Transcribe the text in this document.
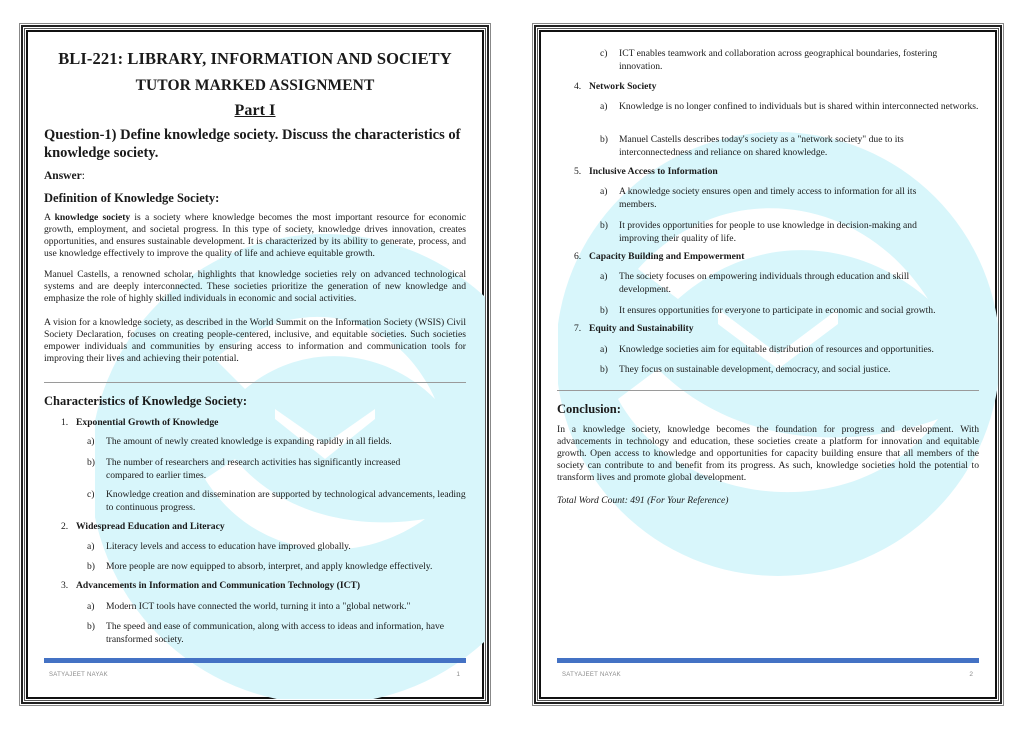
BLI-221: LIBRARY, INFORMATION AND SOCIETY
TUTOR MARKED ASSIGNMENT
Part I
Question-1) Define knowledge society. Discuss the characteristics of knowledge society.
Answer:
Definition of Knowledge Society:
A knowledge society is a society where knowledge becomes the most important resource for economic growth, employment, and societal progress. In this type of society, knowledge drives innovation, creates opportunities, and ensures sustainable development. It is characterized by its ability to generate, process, and use knowledge effectively to improve the quality of life and achieve equitable growth.
Manuel Castells, a renowned scholar, highlights that knowledge societies rely on advanced technological systems and are deeply interconnected. These societies prioritize the generation of new knowledge and emphasize the role of highly skilled individuals in economic and social activities.
A vision for a knowledge society, as described in the World Summit on the Information Society (WSIS) Civil Society Declaration, focuses on creating people-centered, inclusive, and equitable societies. Such societies empower individuals and communities by ensuring access to information and communication tools for improving their lives and achieving their potential.
Characteristics of Knowledge Society:
1. Exponential Growth of Knowledge
a) The amount of newly created knowledge is expanding rapidly in all fields.
b) The number of researchers and research activities has significantly increased compared to earlier times.
c) Knowledge creation and dissemination are supported by technological advancements, leading to continuous progress.
2. Widespread Education and Literacy
a) Literacy levels and access to education have improved globally.
b) More people are now equipped to absorb, interpret, and apply knowledge effectively.
3. Advancements in Information and Communication Technology (ICT)
a) Modern ICT tools have connected the world, turning it into a "global network."
b) The speed and ease of communication, along with access to ideas and information, have transformed society.
SATYAJEET NAYAK	1
c) ICT enables teamwork and collaboration across geographical boundaries, fostering innovation.
4. Network Society
a) Knowledge is no longer confined to individuals but is shared within interconnected networks.
b) Manuel Castells describes today's society as a "network society" due to its interconnectedness and reliance on shared knowledge.
5. Inclusive Access to Information
a) A knowledge society ensures open and timely access to information for all its members.
b) It provides opportunities for people to use knowledge in decision-making and improving their quality of life.
6. Capacity Building and Empowerment
a) The society focuses on empowering individuals through education and skill development.
b) It ensures opportunities for everyone to participate in economic and social growth.
7. Equity and Sustainability
a) Knowledge societies aim for equitable distribution of resources and opportunities.
b) They focus on sustainable development, democracy, and social justice.
Conclusion:
In a knowledge society, knowledge becomes the foundation for progress and development. With advancements in technology and education, these societies create a platform for innovation and equitable growth. Open access to knowledge and opportunities for capacity building ensure that all members of the society can contribute to and benefit from its progress. As such, knowledge societies hold the potential to transform lives and promote global development.
Total Word Count: 491 (For Your Reference)
SATYAJEET NAYAK	2
